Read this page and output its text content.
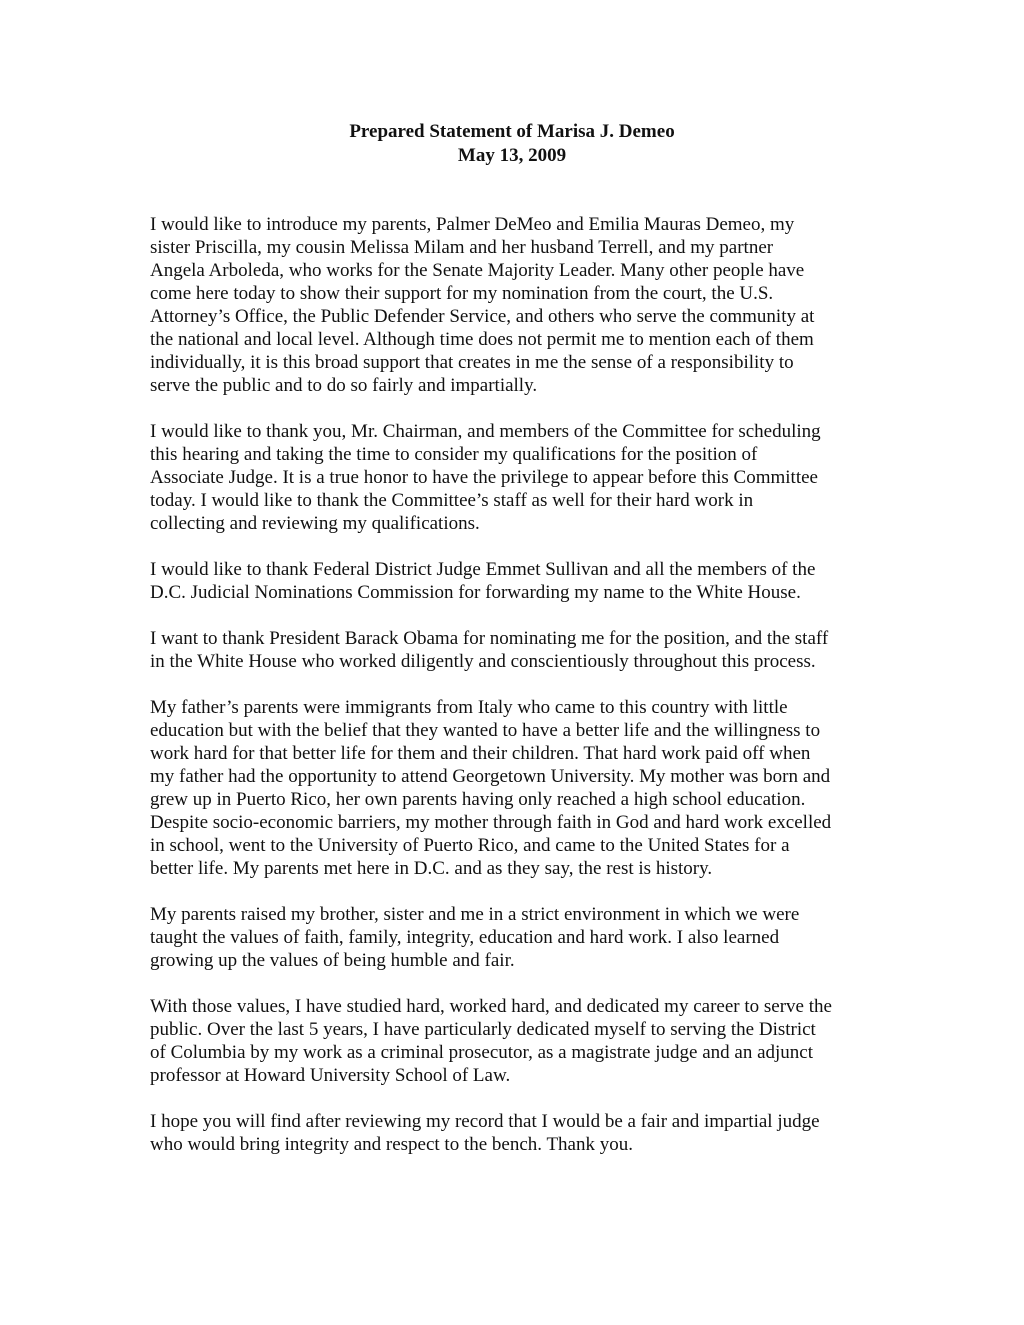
Prepared Statement of Marisa J. Demeo
May 13, 2009

I would like to introduce my parents, Palmer DeMeo and Emilia Mauras Demeo, my
sister Priscilla, my cousin Melissa Milam and her husband Terrell, and my partner
Angela Arboleda, who works for the Senate Majority Leader. Many other people have
come here today to show their support for my nomination from the court, the U.S.
Attorney’s Office, the Public Defender Service, and others who serve the community at
the national and local level. Although time does not permit me to mention each of them
individually, it is this broad support that creates in me the sense of a responsibility to
serve the public and to do so fairly and impartially.

I would like to thank you, Mr. Chairman, and members of the Committee for scheduling
this hearing and taking the time to consider my qualifications for the position of
Associate Judge. It is a true honor to have the privilege to appear before this Committee
today. I would like to thank the Committee’s staff as well for their hard work in
collecting and reviewing my qualifications.

I would like to thank Federal District Judge Emmet Sullivan and all the members of the
D.C. Judicial Nominations Commission for forwarding my name to the White House.

I want to thank President Barack Obama for nominating me for the position, and the staff
in the White House who worked diligently and conscientiously throughout this process.

My father’s parents were immigrants from Italy who came to this country with little
education but with the belief that they wanted to have a better life and the willingness to
work hard for that better life for them and their children. That hard work paid off when
my father had the opportunity to attend Georgetown University. My mother was born and
grew up in Puerto Rico, her own parents having only reached a high school education.
Despite socio-economic barriers, my mother through faith in God and hard work excelled
in school, went to the University of Puerto Rico, and came to the United States for a
better life. My parents met here in D.C. and as they say, the rest is history.

My parents raised my brother, sister and me in a strict environment in which we were
taught the values of faith, family, integrity, education and hard work. I also learned
growing up the values of being humble and fair.

With those values, I have studied hard, worked hard, and dedicated my career to serve the
public. Over the last 5 years, I have particularly dedicated myself to serving the District
of Columbia by my work as a criminal prosecutor, as a magistrate judge and an adjunct
professor at Howard University School of Law.

I hope you will find after reviewing my record that I would be a fair and impartial judge
who would bring integrity and respect to the bench. Thank you.
